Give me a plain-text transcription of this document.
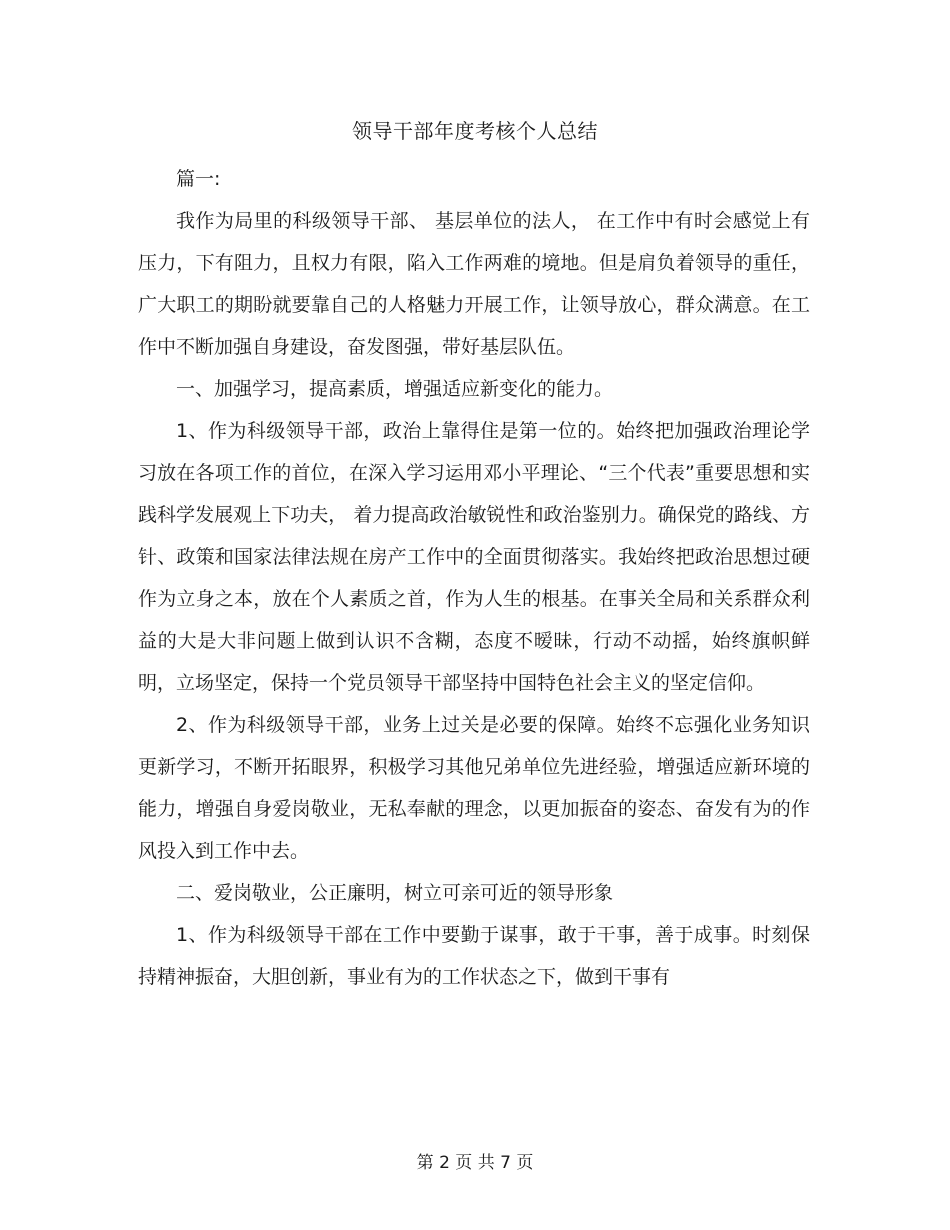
领导干部年度考核个人总结

篇一:

我作为局里的科级领导干部、 基层单位的法人， 在工作中有时会感觉上有压力，下有阻力，且权力有限，陷入工作两难的境地。但是肩负着领导的重任，广大职工的期盼就要靠自己的人格魅力开展工作，让领导放心，群众满意。在工作中不断加强自身建设，奋发图强，带好基层队伍。

一、加强学习，提高素质，增强适应新变化的能力。

1、作为科级领导干部，政治上靠得住是第一位的。始终把加强政治理论学习放在各项工作的首位，在深入学习运用邓小平理论、“三个代表”重要思想和实践科学发展观上下功夫， 着力提高政治敏锐性和政治鉴别力。确保党的路线、方针、政策和国家法律法规在房产工作中的全面贯彻落实。我始终把政治思想过硬作为立身之本，放在个人素质之首，作为人生的根基。在事关全局和关系群众利益的大是大非问题上做到认识不含糊，态度不暧昧，行动不动摇，始终旗帜鲜明，立场坚定，保持一个党员领导干部坚持中国特色社会主义的坚定信仰。

2、作为科级领导干部，业务上过关是必要的保障。始终不忘强化业务知识更新学习，不断开拓眼界，积极学习其他兄弟单位先进经验，增强适应新环境的能力，增强自身爱岗敬业，无私奉献的理念，以更加振奋的姿态、奋发有为的作风投入到工作中去。

二、爱岗敬业，公正廉明，树立可亲可近的领导形象

1、作为科级领导干部在工作中要勤于谋事，敢于干事，善于成事。时刻保持精神振奋，大胆创新，事业有为的工作状态之下，做到干事有

第 2 页 共 7 页
